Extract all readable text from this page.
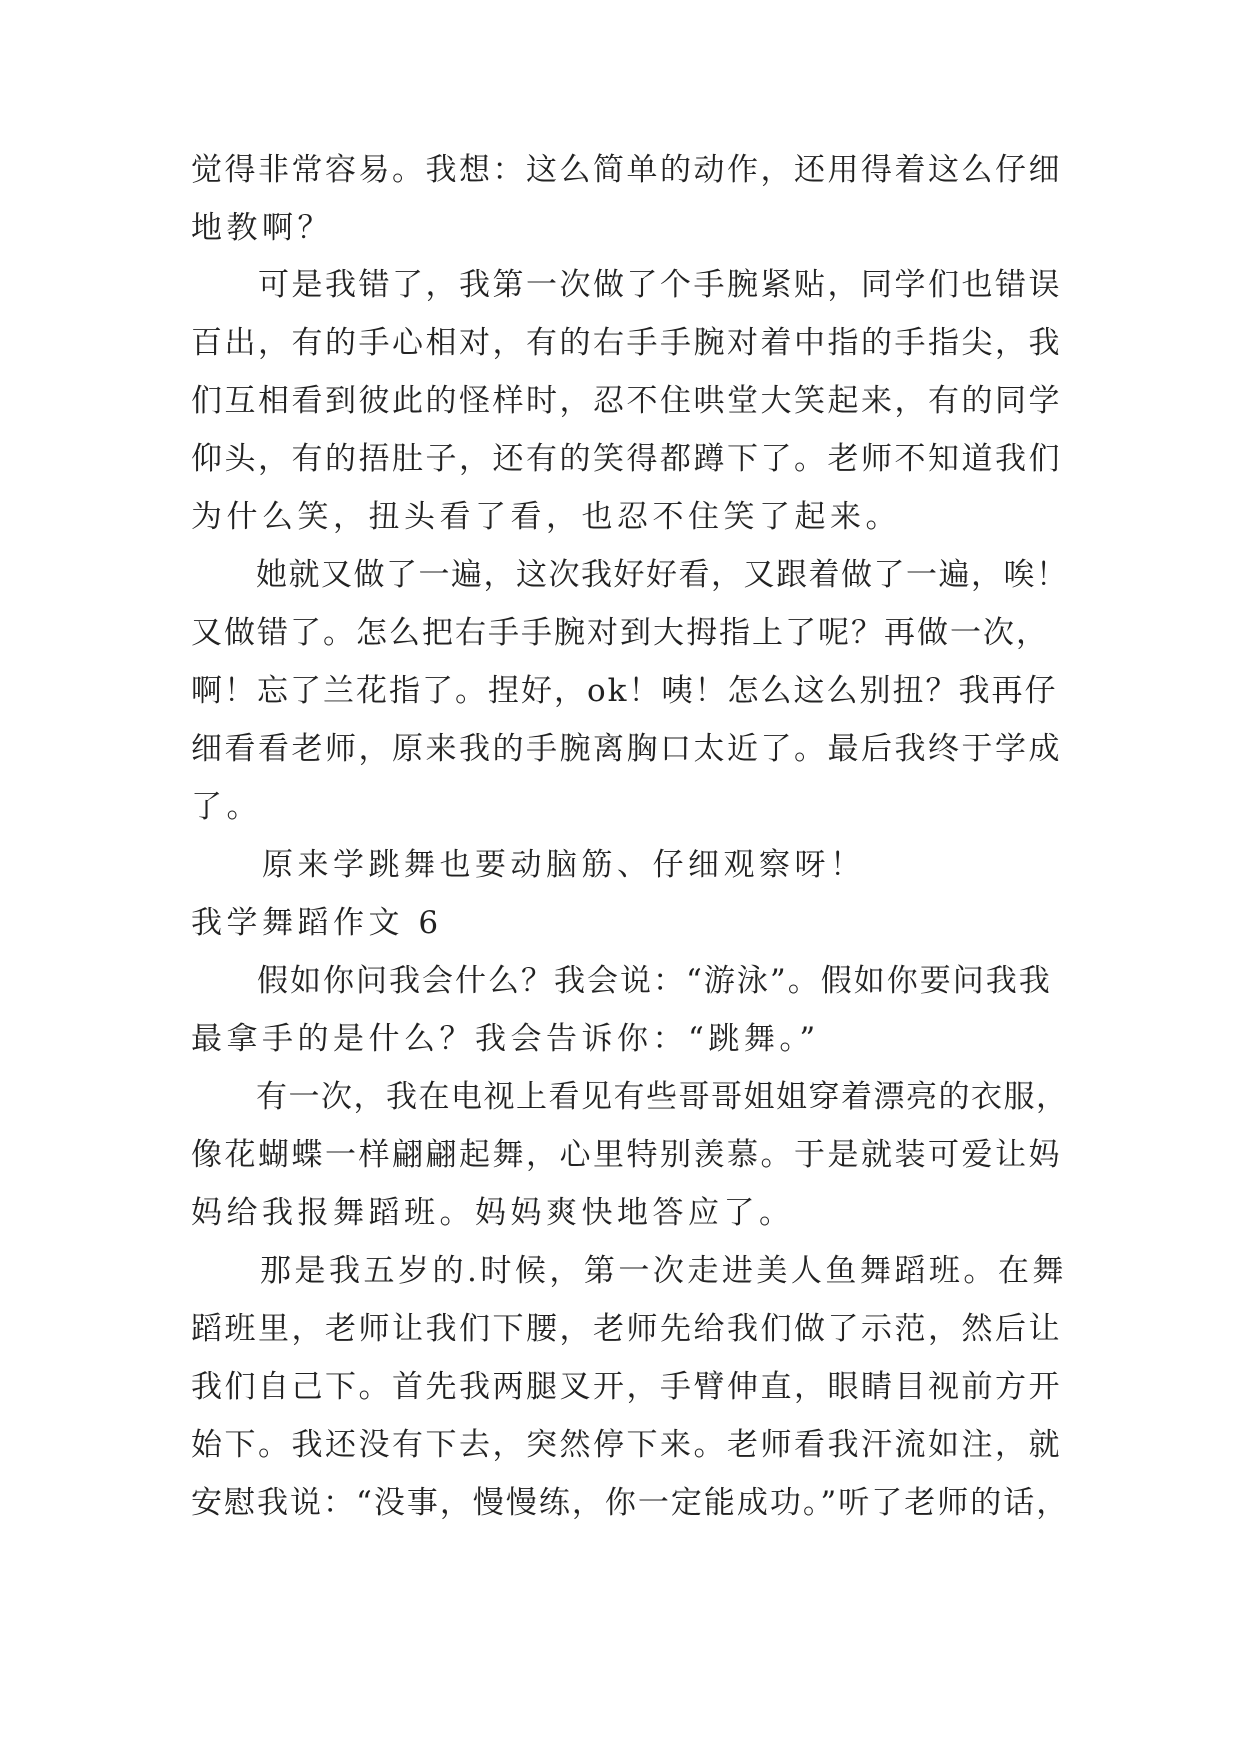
觉得非常容易。我想：这么简单的动作，还用得着这么仔细
地教啊？
　　可是我错了，我第一次做了个手腕紧贴，同学们也错误
百出，有的手心相对，有的右手手腕对着中指的手指尖，我
们互相看到彼此的怪样时，忍不住哄堂大笑起来，有的同学
仰头，有的捂肚子，还有的笑得都蹲下了。老师不知道我们
为什么笑，扭头看了看，也忍不住笑了起来。
　　她就又做了一遍，这次我好好看，又跟着做了一遍，唉！
又做错了。怎么把右手手腕对到大拇指上了呢？再做一次，
啊！忘了兰花指了。捏好，ok！咦！怎么这么别扭？我再仔
细看看老师，原来我的手腕离胸口太近了。最后我终于学成
了。
　　原来学跳舞也要动脑筋、仔细观察呀！
我学舞蹈作文 6
　　假如你问我会什么？我会说：“游泳”。假如你要问我我
最拿手的是什么？我会告诉你：“跳舞。”
　　有一次，我在电视上看见有些哥哥姐姐穿着漂亮的衣服，
像花蝴蝶一样翩翩起舞，心里特别羡慕。于是就装可爱让妈
妈给我报舞蹈班。妈妈爽快地答应了。
　　那是我五岁的.时候，第一次走进美人鱼舞蹈班。在舞
蹈班里，老师让我们下腰，老师先给我们做了示范，然后让
我们自己下。首先我两腿叉开，手臂伸直，眼睛目视前方开
始下。我还没有下去，突然停下来。老师看我汗流如注，就
安慰我说：“没事，慢慢练，你一定能成功。”听了老师的话，
